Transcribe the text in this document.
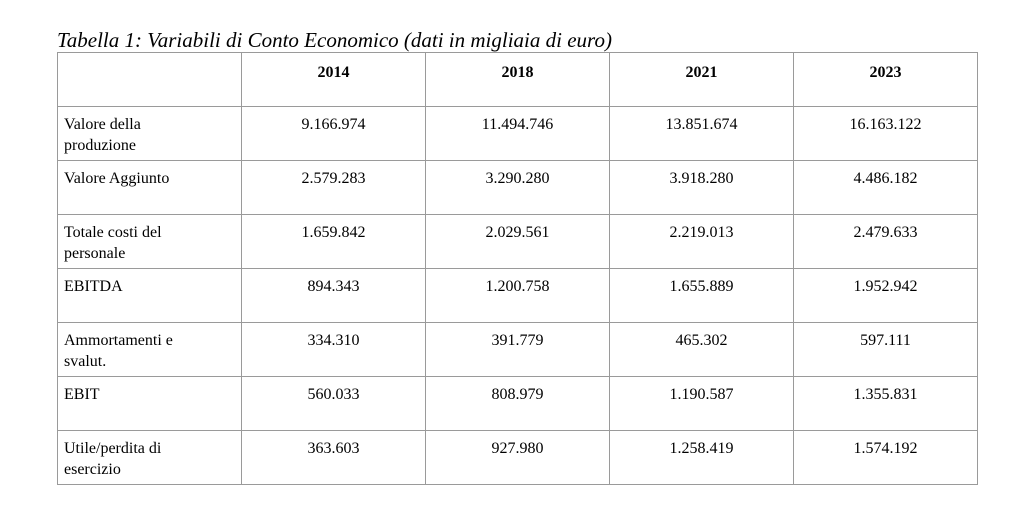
Tabella 1: Variabili di Conto Economico (dati in migliaia di euro)
	2014	2018	2021	2023

Valore della
produzione	9.166.974	11.494.746	13.851.674	16.163.122

Valore Aggiunto	2.579.283	3.290.280	3.918.280	4.486.182

Totale costi del
personale	1.659.842	2.029.561	2.219.013	2.479.633

EBITDA	894.343	1.200.758	1.655.889	1.952.942

Ammortamenti e
svalut.	334.310	391.779	465.302	597.111

EBIT	560.033	808.979	1.190.587	1.355.831

Utile/perdita di
esercizio	363.603	927.980	1.258.419	1.574.192
